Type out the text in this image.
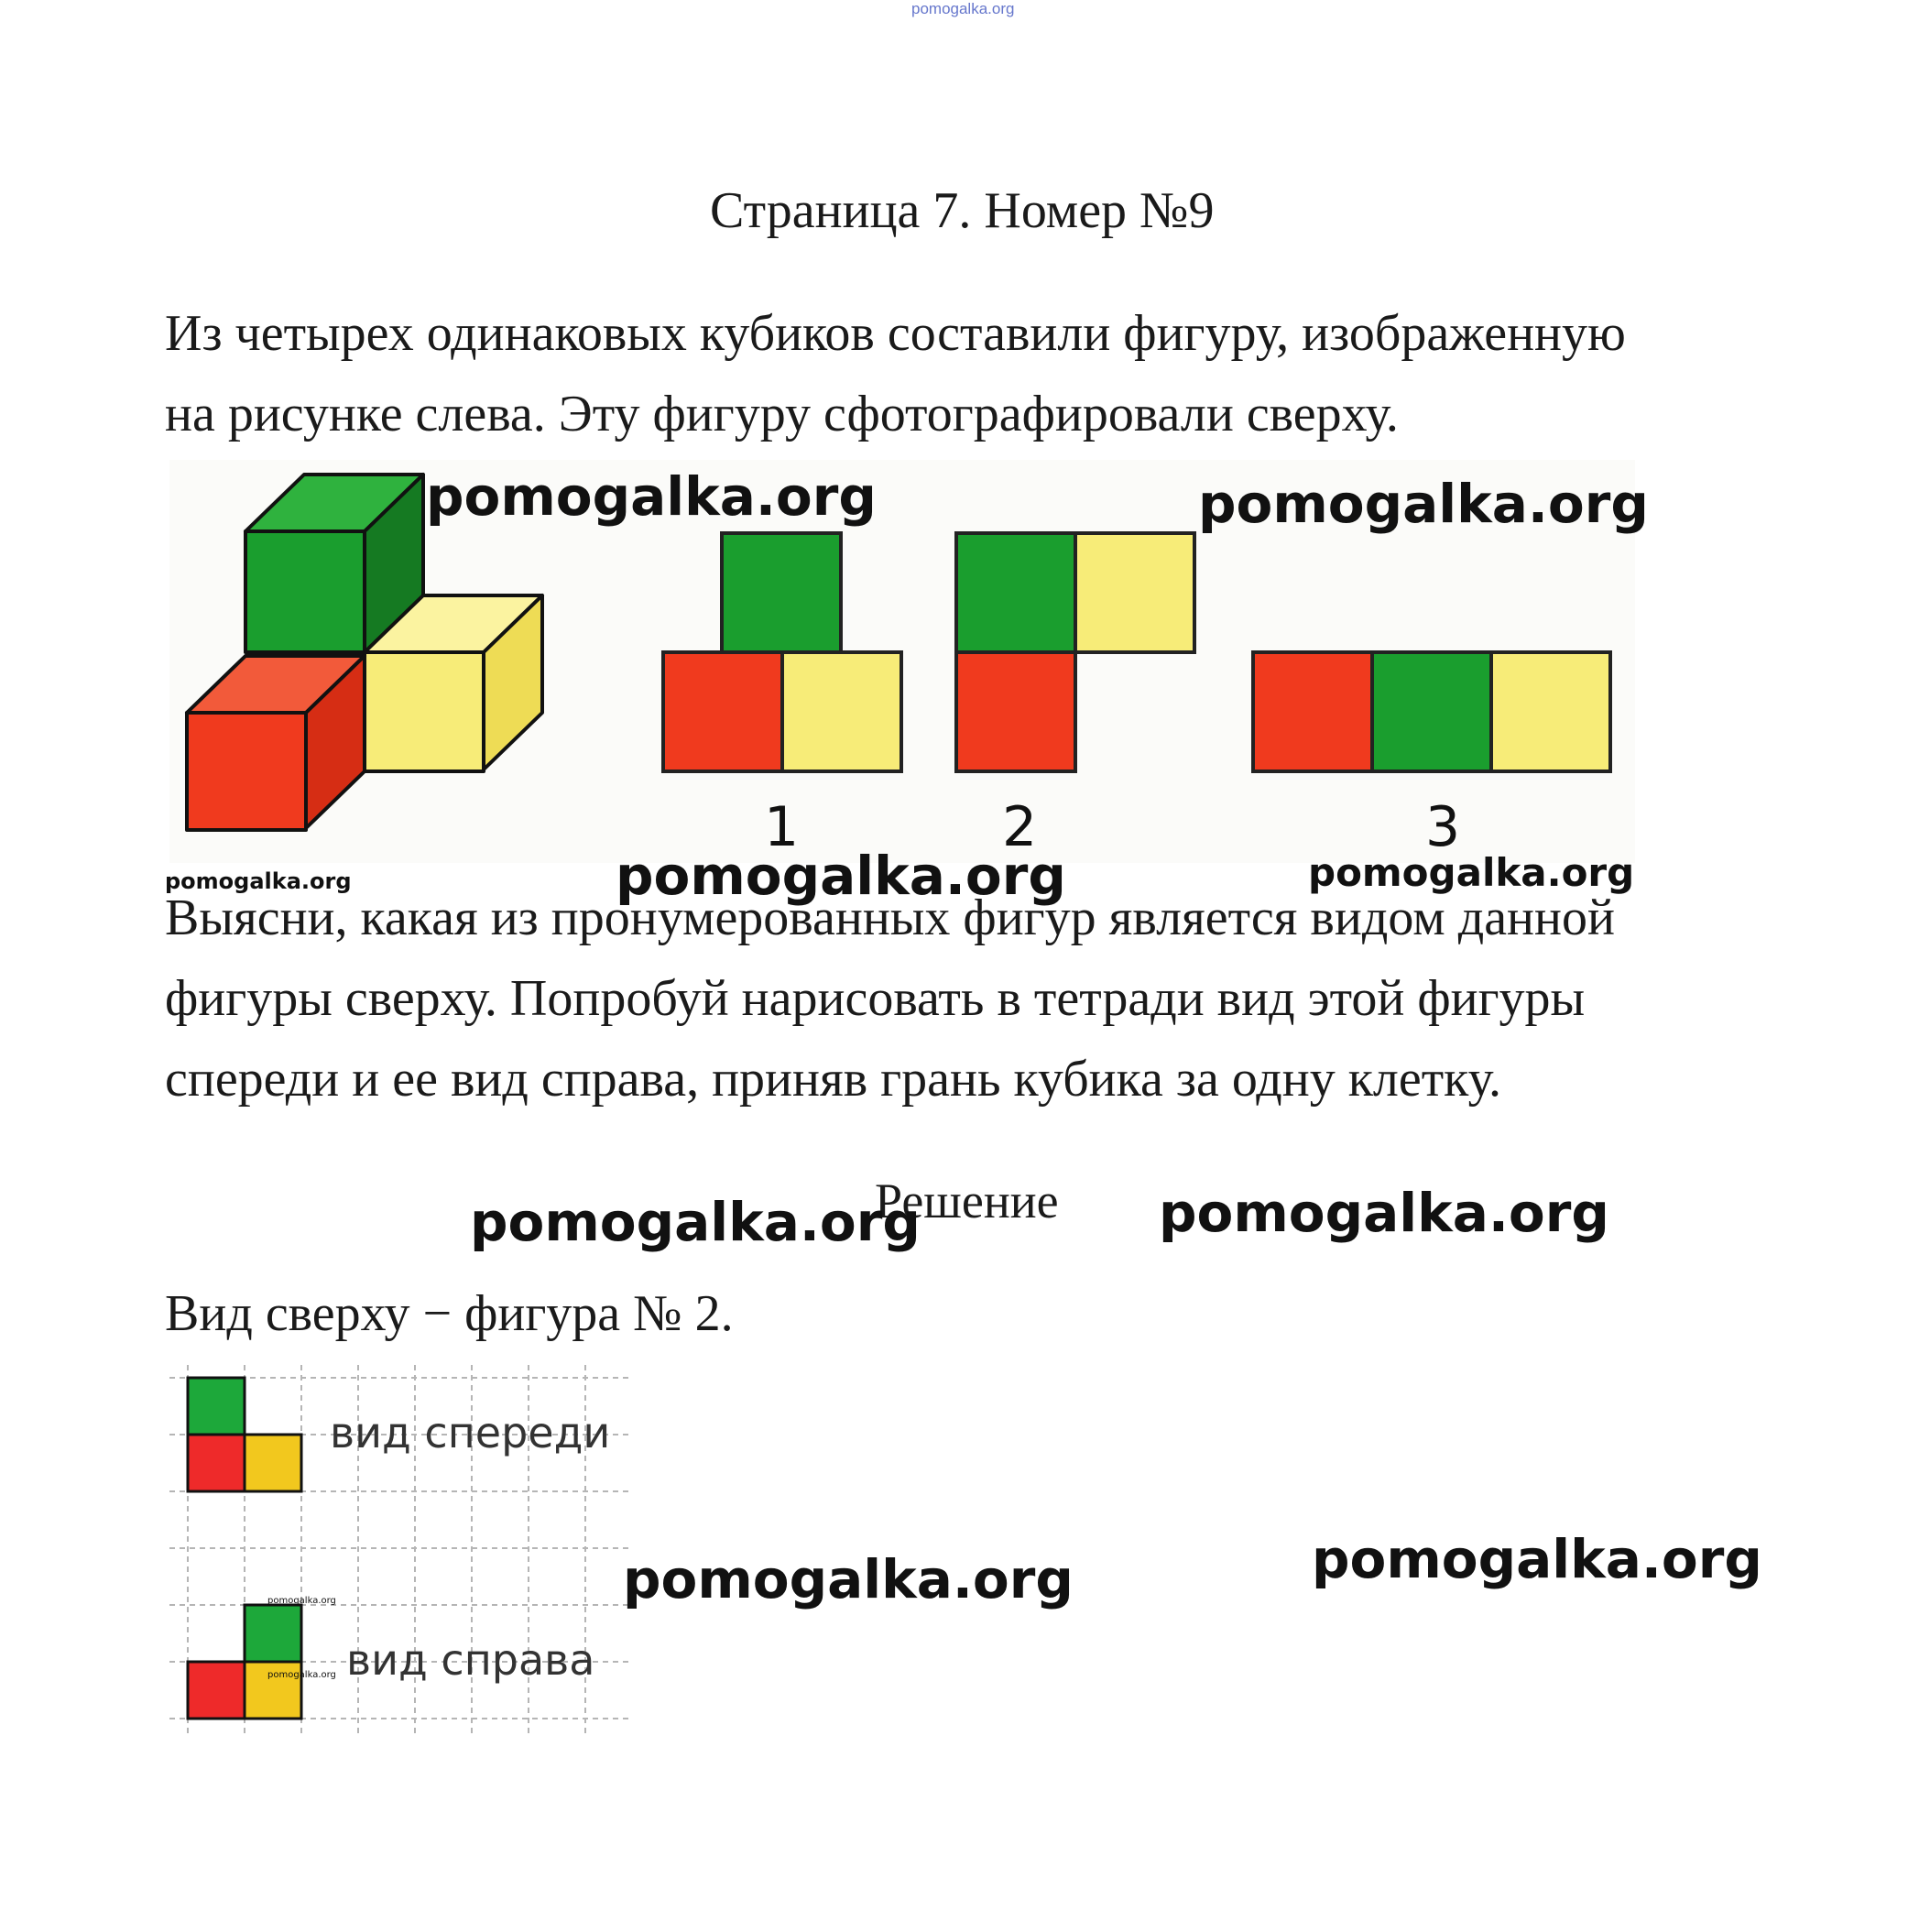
pomogalka.org
Страница 7. Номер №9
Из четырех одинаковых кубиков составили фигуру, изображенную
на рисунке слева. Эту фигуру сфотографировали сверху.
1	2	3
pomogalka.org	pomogalka.org
pomogalka.org	pomogalka.org	pomogalka.org
Выясни, какая из пронумерованных фигур является видом данной
фигуры сверху. Попробуй нарисовать в тетради вид этой фигуры
спереди и ее вид справа, приняв грань кубика за одну клетку.
Решение
pomogalka.org	pomogalka.org
Вид сверху − фигура № 2.
вид спереди
вид справа
pomogalka.org
pomogalka.org
pomogalka.org	pomogalka.org
